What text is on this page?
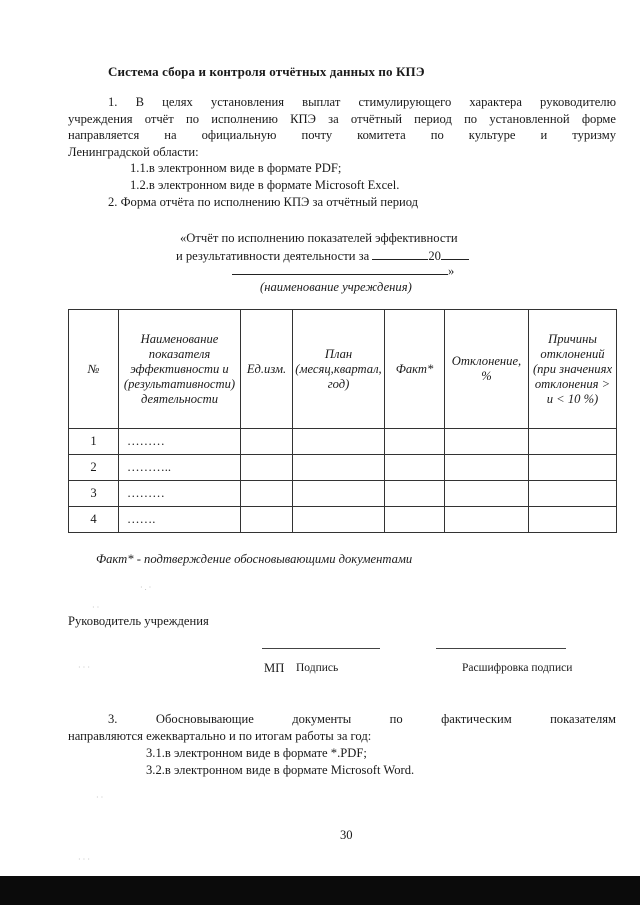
Система сбора и контроля отчётных данных по КПЭ
1. В целях установления выплат стимулирующего характера руководителю
учреждения отчёт по исполнению КПЭ за отчётный период по установленной форме
направляется на официальную почту комитета по культуре и туризму
Ленинградской области:
1.1.в электронном виде в формате PDF;
1.2.в электронном виде в формате Microsoft Excel.
2. Форма отчёта по исполнению КПЭ за отчётный период
«Отчёт по исполнению показателей эффективности
и результативности деятельности за	20
»
(наименование учреждения)
№	Наименование показателя эффективности и (результативности) деятельности	Ед.изм.	План (месяц,квартал, год)	Факт*	Отклонение, %	Причины отклонений (при значениях отклонения > и < 10 %)
1	………					
2	………..					
3	………					
4	…….					
Факт* - подтверждение обосновывающими документами
Руководитель учреждения
МП Подпись	Расшифровка подписи
3. Обосновывающие документы по фактическим показателям
направляются ежеквартально и по итогам работы за год:
3.1.в электронном виде в формате *.PDF;
3.2.в электронном виде в формате Microsoft Word.
30
· . ·
· ·
· · ·
· ·
· · ·
